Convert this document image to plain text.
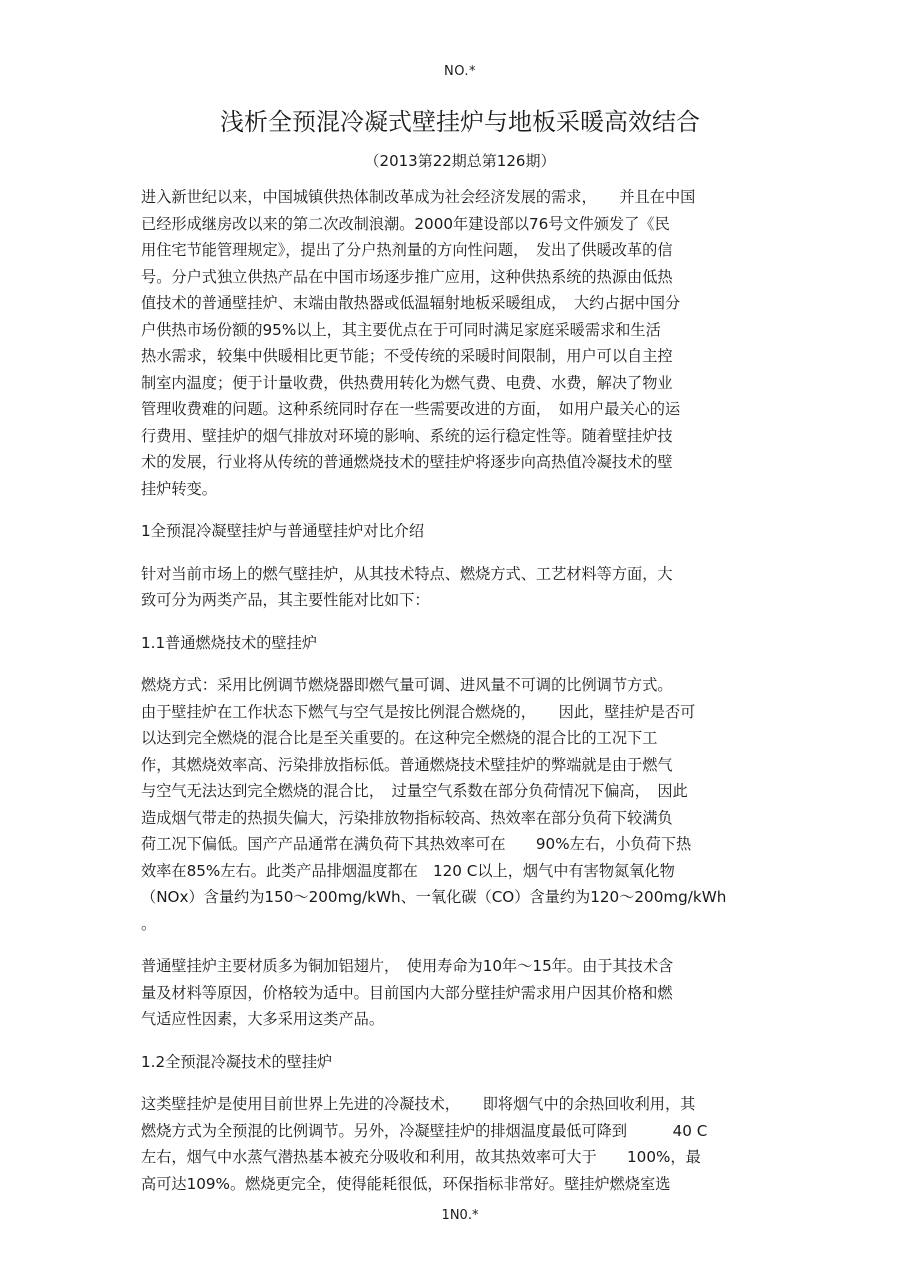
NO.*
浅析全预混冷凝式壁挂炉与地板采暖高效结合
（2013第22期总第126期）
进入新世纪以来，中国城镇供热体制改革成为社会经济发展的需求，　　并且在中国
已经形成继房改以来的第二次改制浪潮。2000年建设部以76号文件颁发了《民
用住宅节能管理规定》，提出了分户热剂量的方向性问题，　发出了供暖改革的信
号。分户式独立供热产品在中国市场逐步推广应用，这种供热系统的热源由低热
值技术的普通壁挂炉、末端由散热器或低温辐射地板采暖组成，　大约占据中国分
户供热市场份额的95%以上，其主要优点在于可同时满足家庭采暖需求和生活
热水需求，较集中供暖相比更节能；不受传统的采暖时间限制，用户可以自主控
制室内温度；便于计量收费，供热费用转化为燃气费、电费、水费，解决了物业
管理收费难的问题。这种系统同时存在一些需要改进的方面，　如用户最关心的运
行费用、壁挂炉的烟气排放对环境的影响、系统的运行稳定性等。随着壁挂炉技
术的发展，行业将从传统的普通燃烧技术的壁挂炉将逐步向高热值冷凝技术的壁
挂炉转变。
1全预混冷凝壁挂炉与普通壁挂炉对比介绍
针对当前市场上的燃气壁挂炉，从其技术特点、燃烧方式、工艺材料等方面，大
致可分为两类产品，其主要性能对比如下：
1.1普通燃烧技术的壁挂炉
燃烧方式：采用比例调节燃烧器即燃气量可调、进风量不可调的比例调节方式。
由于壁挂炉在工作状态下燃气与空气是按比例混合燃烧的，　　因此，壁挂炉是否可
以达到完全燃烧的混合比是至关重要的。在这种完全燃烧的混合比的工况下工
作，其燃烧效率高、污染排放指标低。普通燃烧技术壁挂炉的弊端就是由于燃气
与空气无法达到完全燃烧的混合比，　过量空气系数在部分负荷情况下偏高，　因此
造成烟气带走的热损失偏大，污染排放物指标较高、热效率在部分负荷下较满负
荷工况下偏低。国产产品通常在满负荷下其热效率可在　　90%左右，小负荷下热
效率在85%左右。此类产品排烟温度都在　120 C以上，烟气中有害物氮氧化物
（NOx）含量约为150～200mg/kWh、一氧化碳（CO）含量约为120～200mg/kWh
。
普通壁挂炉主要材质多为铜加铝翅片，　使用寿命为10年～15年。由于其技术含
量及材料等原因，价格较为适中。目前国内大部分壁挂炉需求用户因其价格和燃
气适应性因素，大多采用这类产品。
1.2全预混冷凝技术的壁挂炉
这类壁挂炉是使用目前世界上先进的冷凝技术，　　即将烟气中的余热回收利用，其
燃烧方式为全预混的比例调节。另外，冷凝壁挂炉的排烟温度最低可降到　　　40 C
左右，烟气中水蒸气潜热基本被充分吸收和利用，故其热效率可大于　　100%，最
高可达109%。燃烧更完全，使得能耗很低，环保指标非常好。壁挂炉燃烧室选
1N0.*
